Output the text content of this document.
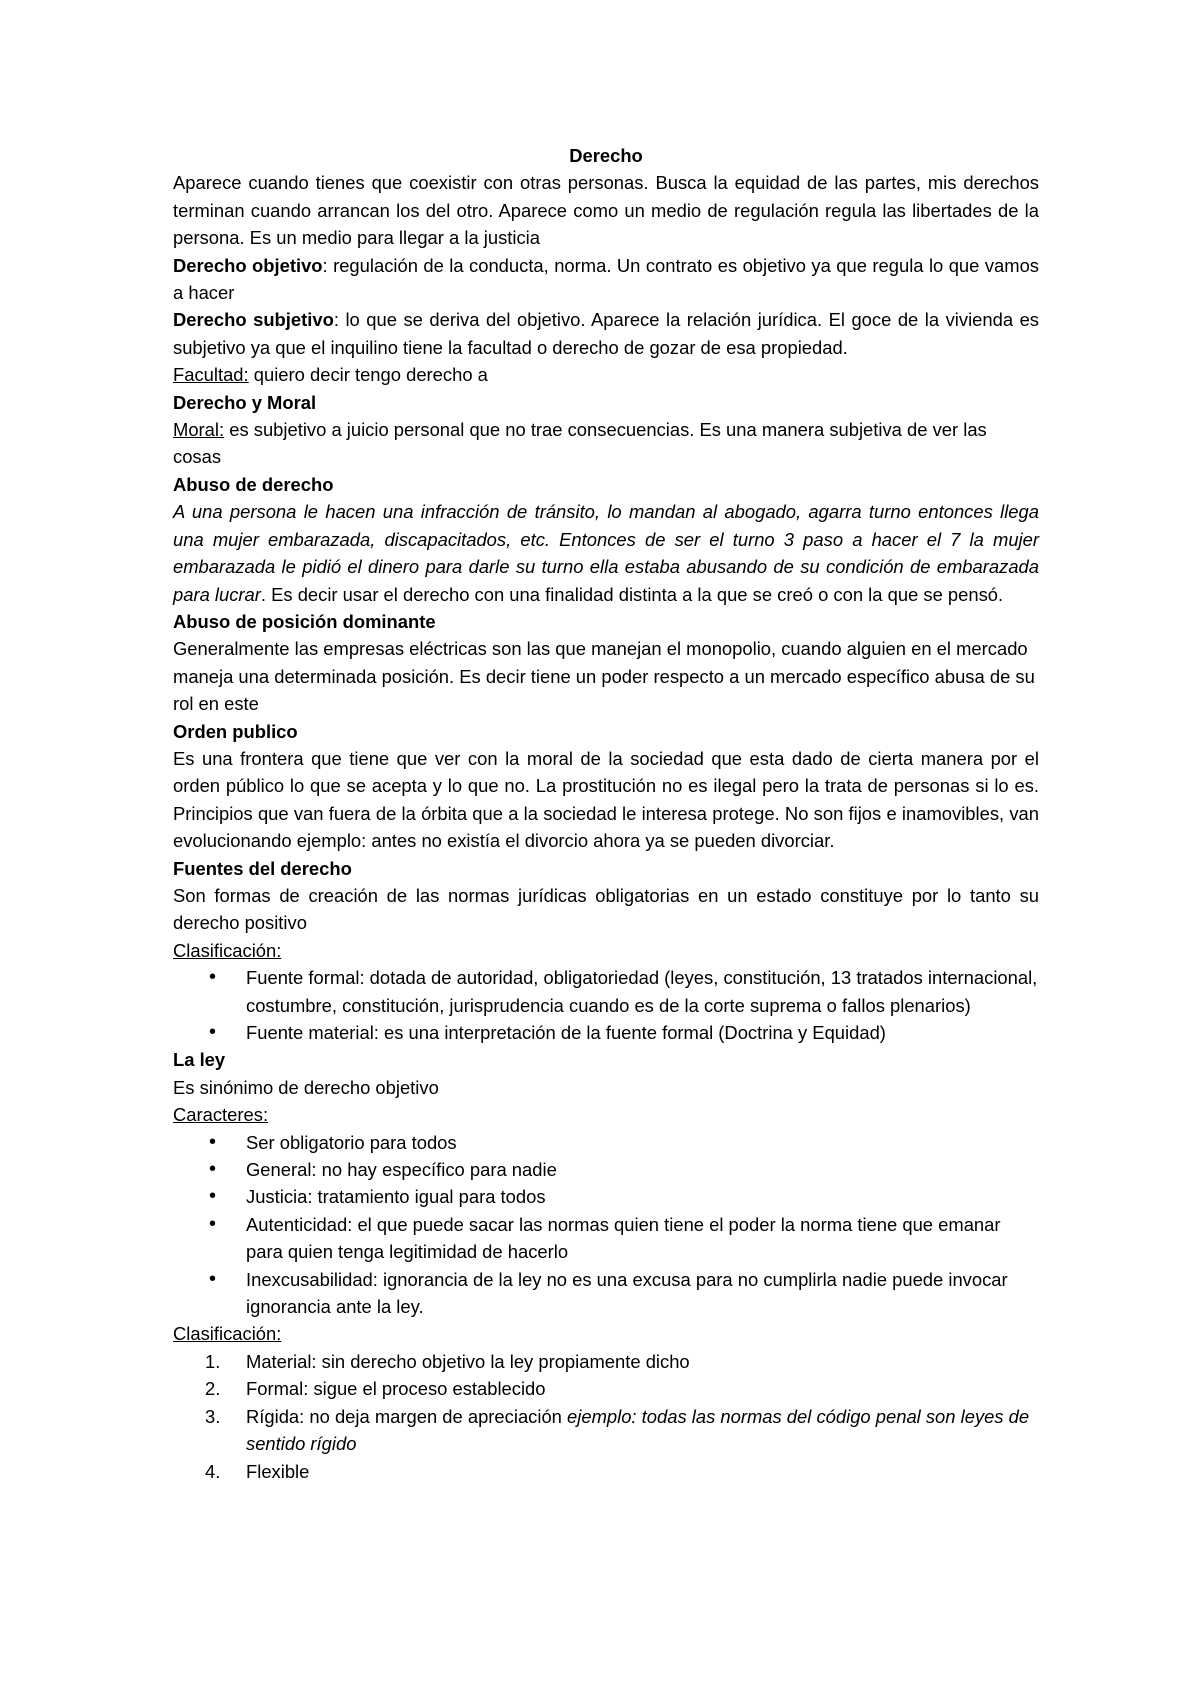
Derecho

Aparece cuando tienes que coexistir con otras personas. Busca la equidad de las partes, mis derechos terminan cuando arrancan los del otro. Aparece como un medio de regulación regula las libertades de la persona. Es un medio para llegar a la justicia

Derecho objetivo: regulación de la conducta, norma. Un contrato es objetivo ya que regula lo que vamos a hacer

Derecho subjetivo: lo que se deriva del objetivo. Aparece la relación jurídica. El goce de la vivienda es subjetivo ya que el inquilino tiene la facultad o derecho de gozar de esa propiedad.

Facultad: quiero decir tengo derecho a

Derecho y Moral

Moral: es subjetivo a juicio personal que no trae consecuencias. Es una manera subjetiva de ver las cosas

Abuso de derecho

A una persona le hacen una infracción de tránsito, lo mandan al abogado, agarra turno entonces llega una mujer embarazada, discapacitados, etc. Entonces de ser el turno 3 paso a hacer el 7 la mujer embarazada le pidió el dinero para darle su turno ella estaba abusando de su condición de embarazada para lucrar. Es decir usar el derecho con una finalidad distinta a la que se creó o con la que se pensó.

Abuso de posición dominante

Generalmente las empresas eléctricas son las que manejan el monopolio, cuando alguien en el mercado maneja una determinada posición. Es decir tiene un poder respecto a un mercado específico abusa de su rol en este

Orden publico

Es una frontera que tiene que ver con la moral de la sociedad que esta dado de cierta manera por el orden público lo que se acepta y lo que no. La prostitución no es ilegal pero la trata de personas si lo es. Principios que van fuera de la órbita que a la sociedad le interesa protege. No son fijos e inamovibles, van evolucionando ejemplo: antes no existía el divorcio ahora ya se pueden divorciar.

Fuentes del derecho

Son formas de creación de las normas jurídicas obligatorias en un estado constituye por lo tanto su derecho positivo

Clasificación:

• Fuente formal: dotada de autoridad, obligatoriedad (leyes, constitución, 13 tratados internacional, costumbre, constitución, jurisprudencia cuando es de la corte suprema o fallos plenarios)
• Fuente material: es una interpretación de la fuente formal (Doctrina y Equidad)

La ley

Es sinónimo de derecho objetivo

Caracteres:

• Ser obligatorio para todos
• General: no hay específico para nadie
• Justicia: tratamiento igual para todos
• Autenticidad: el que puede sacar las normas quien tiene el poder la norma tiene que emanar para quien tenga legitimidad de hacerlo
• Inexcusabilidad: ignorancia de la ley no es una excusa para no cumplirla nadie puede invocar ignorancia ante la ley.

Clasificación:

1. Material: sin derecho objetivo la ley propiamente dicho
2. Formal: sigue el proceso establecido
3. Rígida: no deja margen de apreciación ejemplo: todas las normas del código penal son leyes de sentido rígido
4. Flexible
